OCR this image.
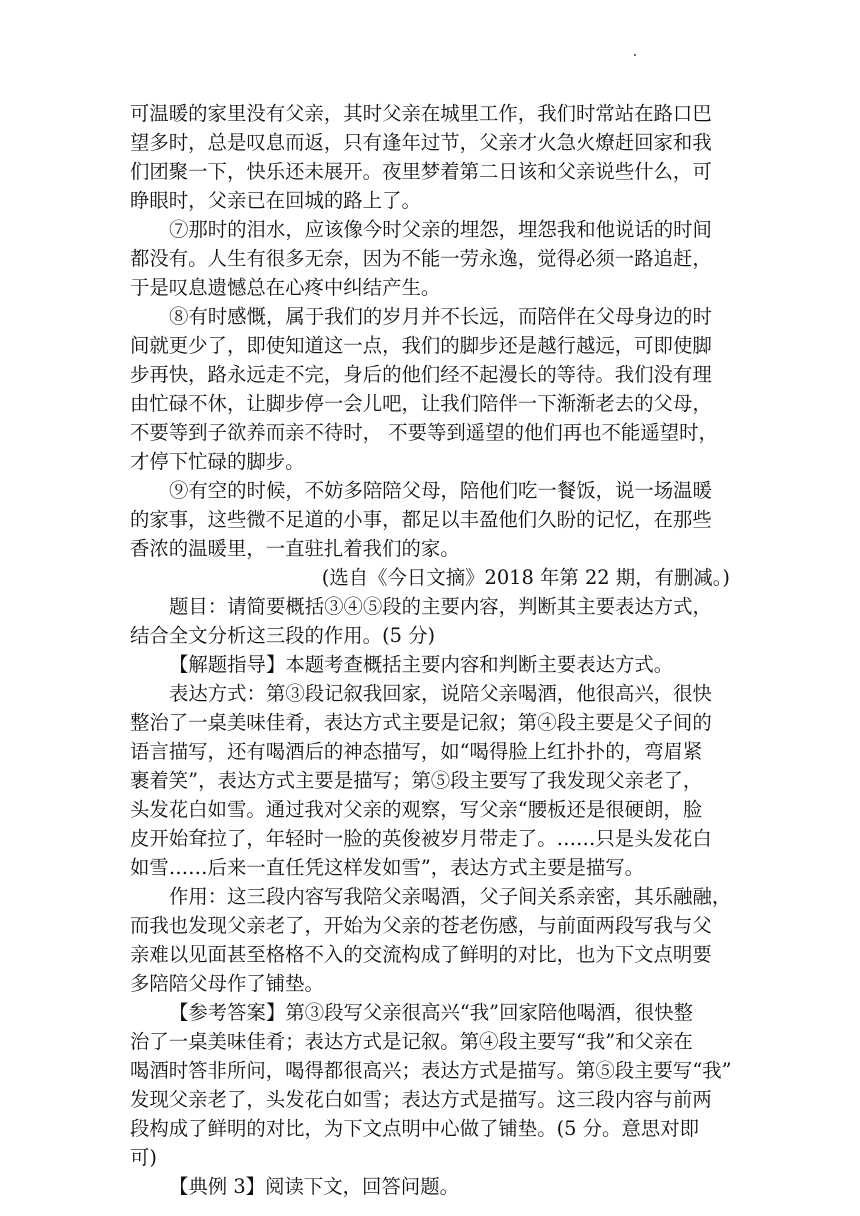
可温暖的家里没有父亲，其时父亲在城里工作，我们时常站在路口巴
望多时，总是叹息而返，只有逢年过节，父亲才火急火燎赶回家和我
们团聚一下，快乐还未展开。夜里梦着第二日该和父亲说些什么，可
睁眼时，父亲已在回城的路上了。
⑦那时的泪水，应该像今时父亲的埋怨，埋怨我和他说话的时间
都没有。人生有很多无奈，因为不能一劳永逸，觉得必须一路追赶，
于是叹息遗憾总在心疼中纠结产生。
⑧有时感慨，属于我们的岁月并不长远，而陪伴在父母身边的时
间就更少了，即使知道这一点，我们的脚步还是越行越远，可即使脚
步再快，路永远走不完，身后的他们经不起漫长的等待。我们没有理
由忙碌不休，让脚步停一会儿吧，让我们陪伴一下渐渐老去的父母，
不要等到子欲养而亲不待时， 不要等到遥望的他们再也不能遥望时，
才停下忙碌的脚步。
⑨有空的时候，不妨多陪陪父母，陪他们吃一餐饭，说一场温暖
的家事，这些微不足道的小事，都足以丰盈他们久盼的记忆，在那些
香浓的温暖里，一直驻扎着我们的家。
(选自《今日文摘》2018 年第 22 期，有删减。)
题目：请简要概括③④⑤段的主要内容，判断其主要表达方式，
结合全文分析这三段的作用。(5 分)
【解题指导】本题考查概括主要内容和判断主要表达方式。
表达方式：第③段记叙我回家，说陪父亲喝酒，他很高兴，很快
整治了一桌美味佳肴，表达方式主要是记叙；第④段主要是父子间的
语言描写，还有喝酒后的神态描写，如“喝得脸上红扑扑的，弯眉紧
裹着笑”，表达方式主要是描写；第⑤段主要写了我发现父亲老了，
头发花白如雪。通过我对父亲的观察，写父亲“腰板还是很硬朗，脸
皮开始耷拉了，年轻时一脸的英俊被岁月带走了。……只是头发花白
如雪……后来一直任凭这样发如雪”，表达方式主要是描写。
作用：这三段内容写我陪父亲喝酒，父子间关系亲密，其乐融融，
而我也发现父亲老了，开始为父亲的苍老伤感，与前面两段写我与父
亲难以见面甚至格格不入的交流构成了鲜明的对比，也为下文点明要
多陪陪父母作了铺垫。
【参考答案】第③段写父亲很高兴“我”回家陪他喝酒，很快整
治了一桌美味佳肴；表达方式是记叙。第④段主要写“我”和父亲在
喝酒时答非所问，喝得都很高兴；表达方式是描写。第⑤段主要写“我”
发现父亲老了，头发花白如雪；表达方式是描写。这三段内容与前两
段构成了鲜明的对比，为下文点明中心做了铺垫。(5 分。意思对即
可)
【典例 3】阅读下文，回答问题。
